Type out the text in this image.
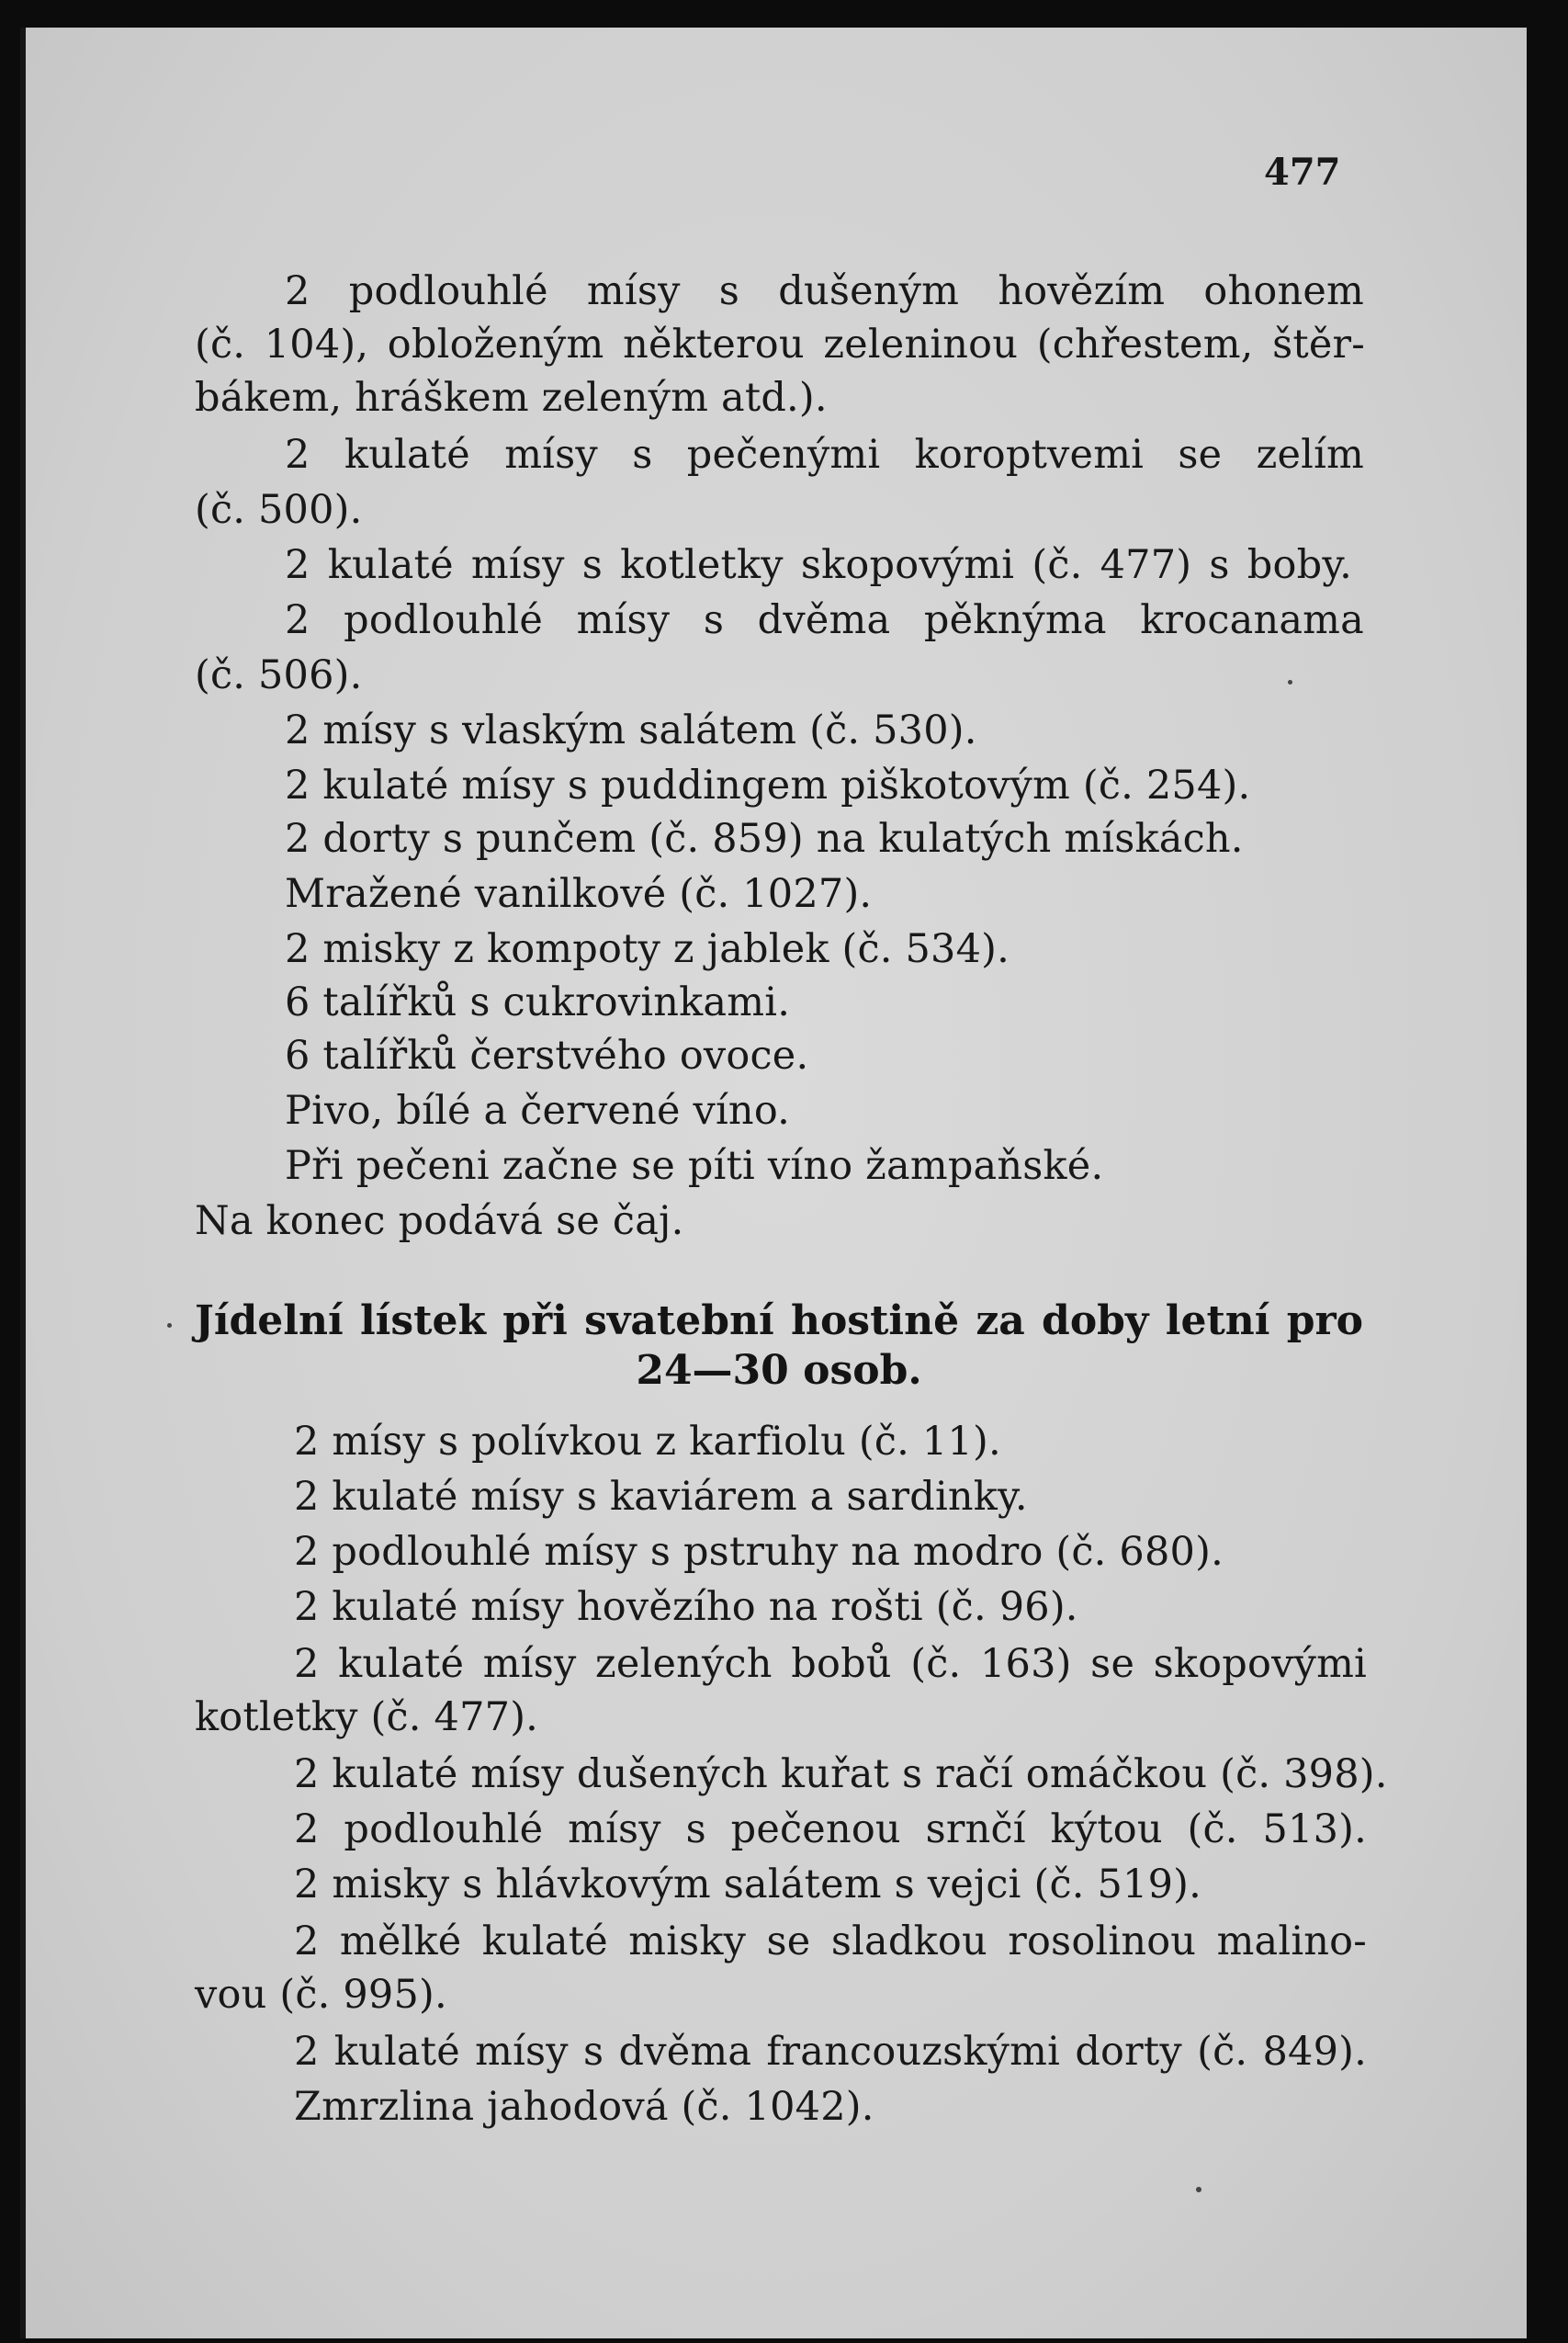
477
2 podlouhlé mísy s dušeným hovězím ohonem
(č. 104), obloženým některou zeleninou (chřestem, štěr-
bákem, hráškem zeleným atd.).
2 kulaté mísy s pečenými koroptvemi se zelím
(č. 500).
2 kulaté mísy s kotletky skopovými (č. 477) s boby.
2 podlouhlé mísy s dvěma pěknýma krocanama
(č. 506).
2 mísy s vlaským salátem (č. 530).
2 kulaté mísy s puddingem piškotovým (č. 254).
2 dorty s punčem (č. 859) na kulatých mískách.
Mražené vanilkové (č. 1027).
2 misky z kompoty z jablek (č. 534).
6 talířků s cukrovinkami.
6 talířků čerstvého ovoce.
Pivo, bílé a červené víno.
Při pečeni začne se píti víno žampaňské.
Na konec podává se čaj.
Jídelní lístek při svatební hostině za doby letní pro
24—30 osob.
2 mísy s polívkou z karfiolu (č. 11).
2 kulaté mísy s kaviárem a sardinky.
2 podlouhlé mísy s pstruhy na modro (č. 680).
2 kulaté mísy hovězího na rošti (č. 96).
2 kulaté mísy zelených bobů (č. 163) se skopovými
kotletky (č. 477).
2 kulaté mísy dušených kuřat s račí omáčkou (č. 398).
2 podlouhlé mísy s pečenou srnčí kýtou (č. 513).
2 misky s hlávkovým salátem s vejci (č. 519).
2 mělké kulaté misky se sladkou rosolinou malino-
vou (č. 995).
2 kulaté mísy s dvěma francouzskými dorty (č. 849).
Zmrzlina jahodová (č. 1042).
